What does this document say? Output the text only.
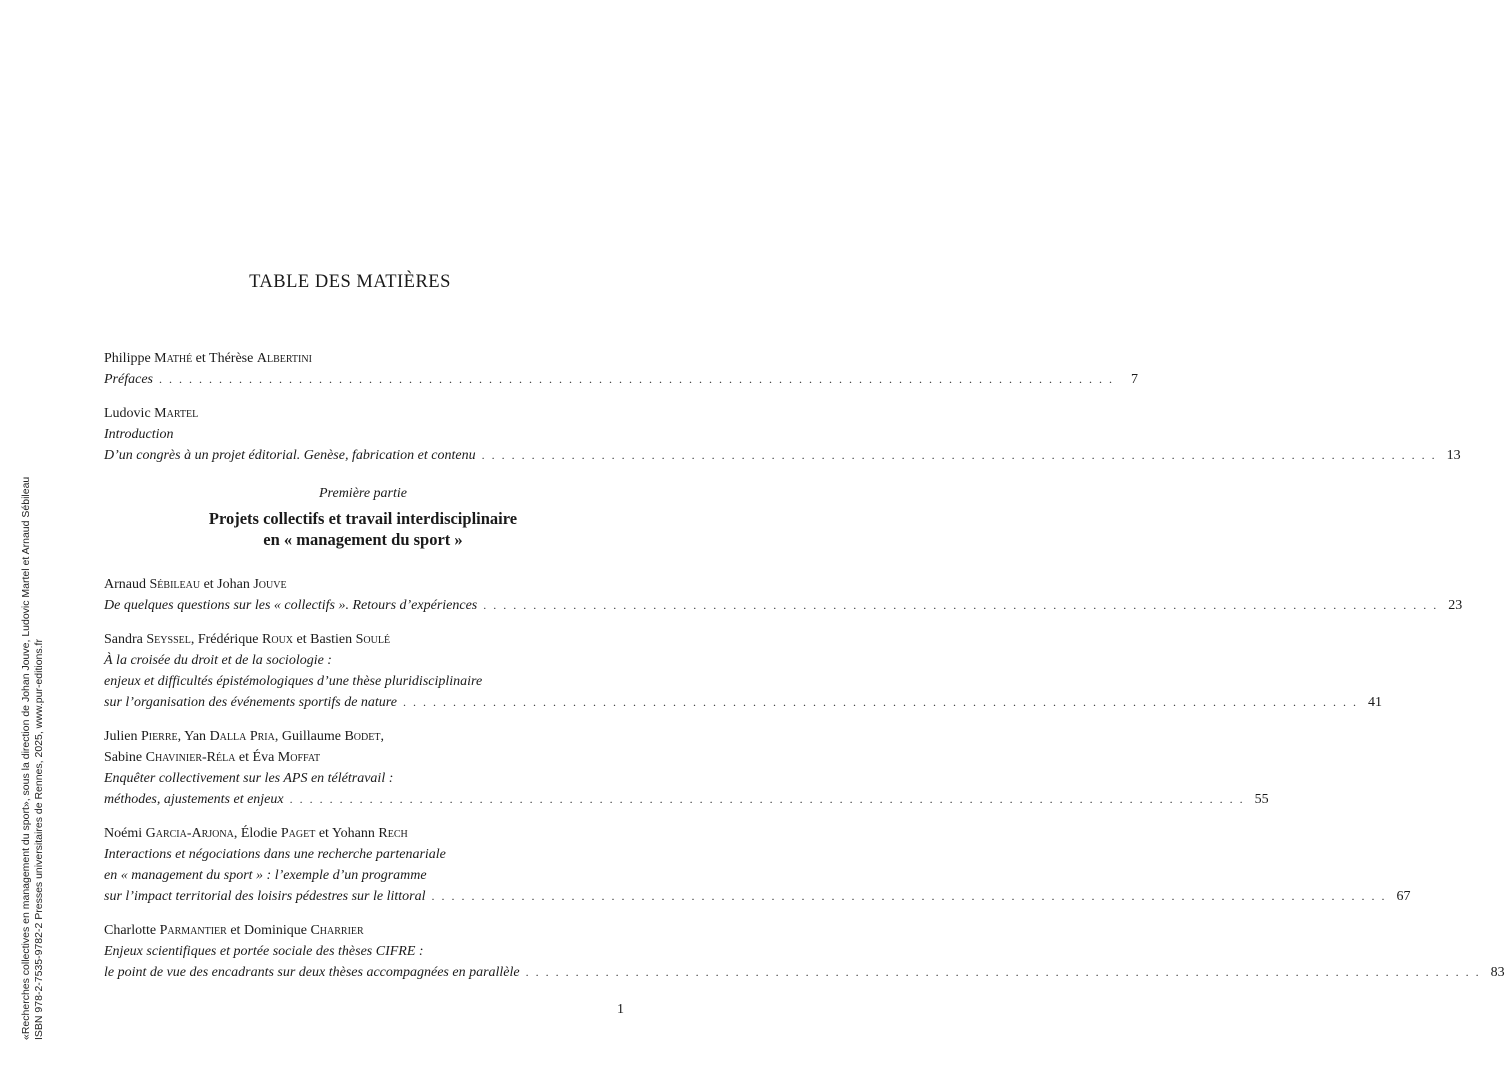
«Recherches collectives en management du sport», sous la direction de Johan Jouve, Ludovic Martel et Arnaud Sébileau ISBN 978-2-7535-9782-2 Presses universitaires de Rennes, 2025, www.pur-editions.fr
TABLE DES MATIÈRES
Philippe Mathé et Thérèse Albertini
Préfaces . . . . . . . . . . . . . . . . . . . . . . . . . . . . . . . . . . . . . . . . . . . . . . . . . . . . . . . . . . . . . . . . . . . . . . . . . . . . . . . . . . . . . . . . . . . . . . . .	7
Ludovic Martel
Introduction
D’un congrès à un projet éditorial. Genèse, fabrication et contenu . . . . . . . . . . . . . . . . . . . . . . . . . . . . . . . . . . . . . . . . . . . . . . . . . . . . . . . . . . . . . . . . . . . . . . . . . . . . . . . . . . . . . . . . . . . . . . . . 13
Première partie
Projets collectifs et travail interdisciplinaire
en « management du sport »
Arnaud Sébileau et Johan Jouve
De quelques questions sur les « collectifs ». Retours d’expériences . . . . . . . . . . . . . . . . . . . . . . . . . . . . . . . . . . . . . . . . . . . . . . . . . . . . . . . . . . . . . . . . . . . . . . . . . . . . . . . . . . . . . . . . . . . . . . . . 23
Sandra Seyssel, Frédérique Roux et Bastien Soulé
À la croisée du droit et de la sociologie :
enjeux et difficultés épistémologiques d’une thèse pluridisciplinaire
sur l’organisation des événements sportifs de nature . . . . . . . . . . . . . . . . . . . . . . . . . . . . . . . . . . . . . . . . . . . . . . . . . . . . . . . . . . . . . . . . . . . . . . . . . . . . . . . . . . . . . . . . . . . . . . . . 41
Julien Pierre, Yan Dalla Pria, Guillaume Bodet,
Sabine Chavinier-Réla et Éva Moffat
Enquêter collectivement sur les APS en télétravail :
méthodes, ajustements et enjeux . . . . . . . . . . . . . . . . . . . . . . . . . . . . . . . . . . . . . . . . . . . . . . . . . . . . . . . . . . . . . . . . . . . . . . . . . . . . . . . . . . . . . . . . . . . . . . . . 55
Noémi Garcia-Arjona, Élodie Paget et Yohann Rech
Interactions et négociations dans une recherche partenariale
en « management du sport » : l’exemple d’un programme
sur l’impact territorial des loisirs pédestres sur le littoral . . . . . . . . . . . . . . . . . . . . . . . . . . . . . . . . . . . . . . . . . . . . . . . . . . . . . . . . . . . . . . . . . . . . . . . . . . . . . . . . . . . . . . . . . . . . . . . . 67
Charlotte Parmantier et Dominique Charrier
Enjeux scientifiques et portée sociale des thèses CIFRE :
le point de vue des encadrants sur deux thèses accompagnées en parallèle . . . . . . . . . . . . . . . . . . . . . . . . . . . . . . . . . . . . . . . . . . . . . . . . . . . . . . . . . . . . . . . . . . . . . . . . . . . . . . . . . . . . . . . . . . . . . . . . 83
1
